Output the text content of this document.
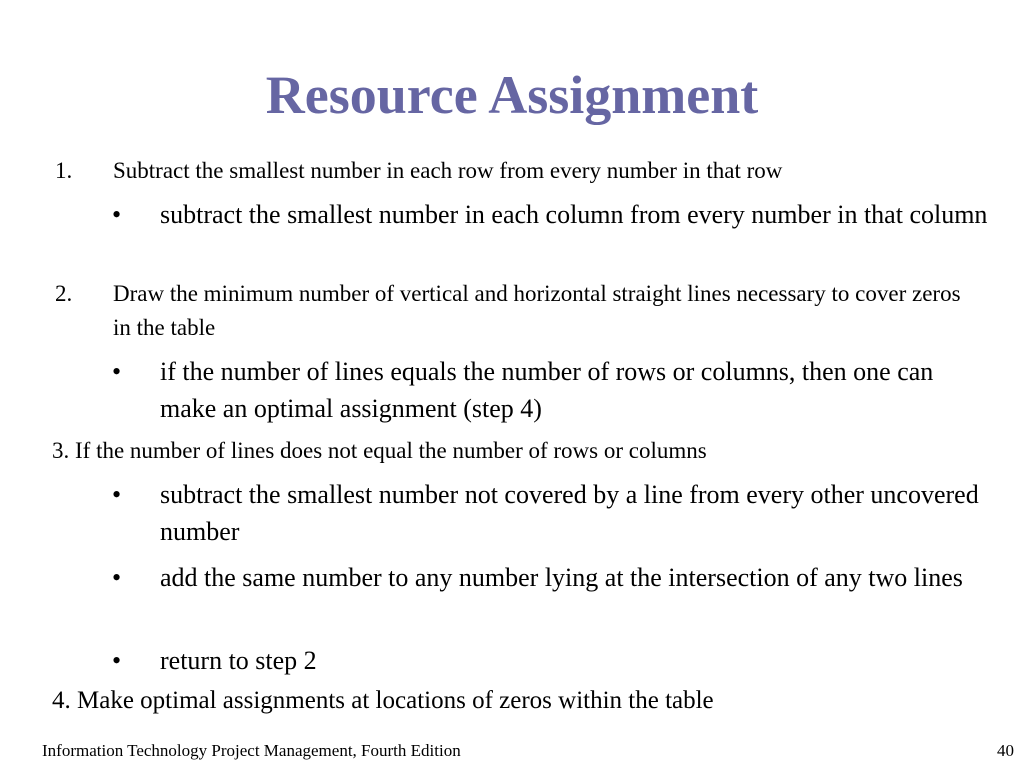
Resource Assignment
1. Subtract the smallest number in each row from every number in that row
• subtract the smallest number in each column from every number in that column
2. Draw the minimum number of vertical and horizontal straight lines necessary to cover zeros in the table
• if the number of lines equals the number of rows or columns, then one can make an optimal assignment (step 4)
3. If the number of lines does not equal the number of rows or columns
• subtract the smallest number not covered by a line from every other uncovered number
• add the same number to any number lying at the intersection of any two lines
• return to step 2
4. Make optimal assignments at locations of zeros within the table
Information Technology Project Management, Fourth Edition	40
